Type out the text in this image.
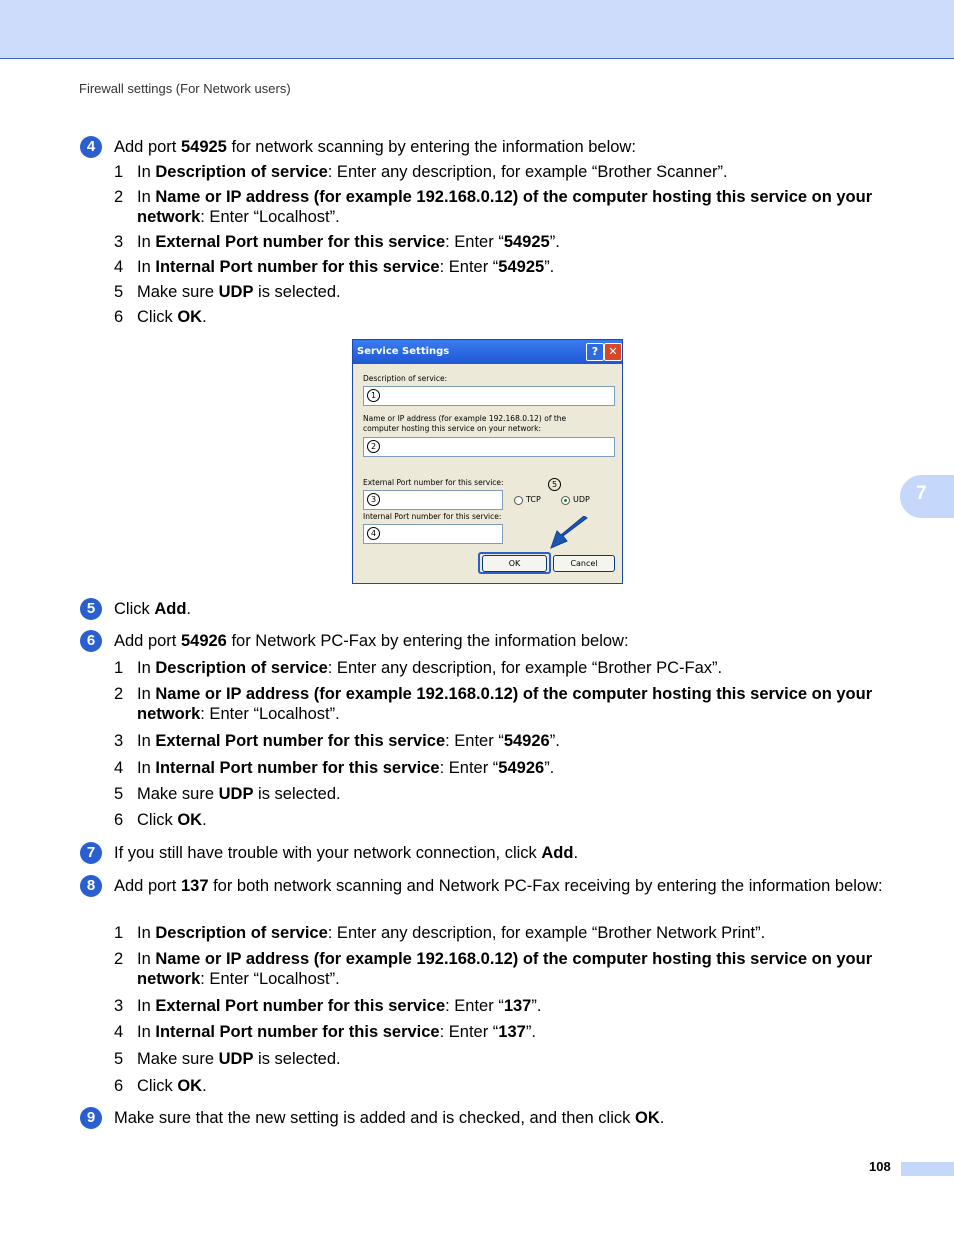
Firewall settings (For Network users)
7
4	Add port 54925 for network scanning by entering the information below:
1 In Description of service: Enter any description, for example “Brother Scanner”.
2 In Name or IP address (for example 192.168.0.12) of the computer hosting this service on your network: Enter “Localhost”.
3 In External Port number for this service: Enter “54925”.
4 In Internal Port number for this service: Enter “54925”.
5 Make sure UDP is selected.
6 Click OK.
Service Settings	? ✕
Description of service:
1
Name or IP address (for example 192.168.0.12) of the
computer hosting this service on your network:
2
External Port number for this service:
3
5
TCP	UDP
Internal Port number for this service:
4
OK	Cancel
5	Click Add.
6	Add port 54926 for Network PC-Fax by entering the information below:
1 In Description of service: Enter any description, for example “Brother PC-Fax”.
2 In Name or IP address (for example 192.168.0.12) of the computer hosting this service on your network: Enter “Localhost”.
3 In External Port number for this service: Enter “54926”.
4 In Internal Port number for this service: Enter “54926”.
5 Make sure UDP is selected.
6 Click OK.
7	If you still have trouble with your network connection, click Add.
8	Add port 137 for both network scanning and Network PC-Fax receiving by entering the information below:
1 In Description of service: Enter any description, for example “Brother Network Print”.
2 In Name or IP address (for example 192.168.0.12) of the computer hosting this service on your network: Enter “Localhost”.
3 In External Port number for this service: Enter “137”.
4 In Internal Port number for this service: Enter “137”.
5 Make sure UDP is selected.
6 Click OK.
9	Make sure that the new setting is added and is checked, and then click OK.
108
